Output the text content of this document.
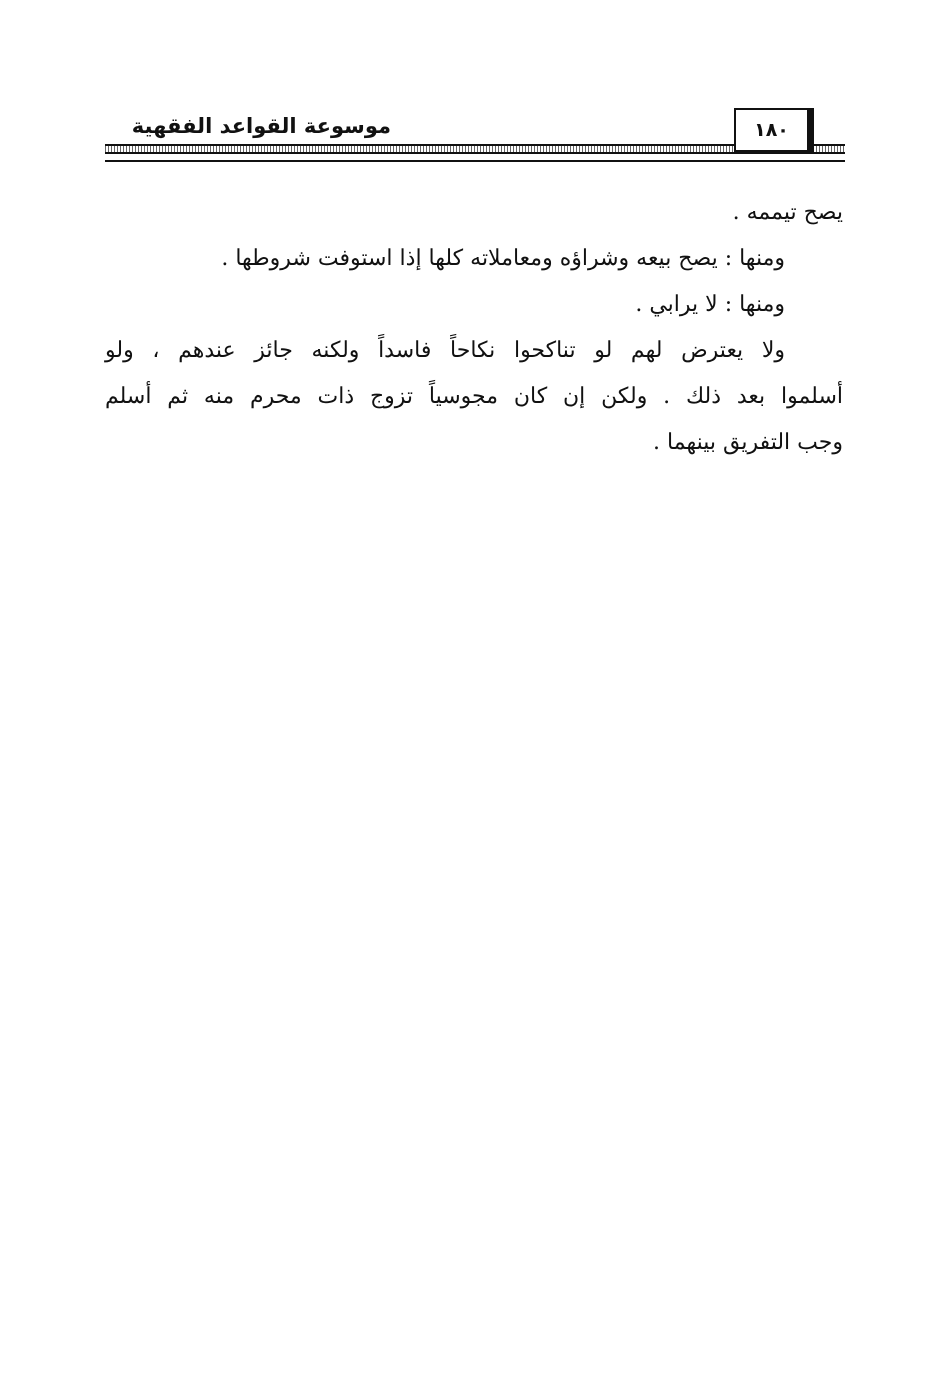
موسوعة القواعد الفقهية	١٨٠
يصح تيممه .
ومنها : يصح بيعه وشراؤه ومعاملاته كلها إذا استوفت شروطها .
ومنها : لا يرابي .
ولا يعترض لهم لو تناكحوا نكاحاً فاسداً ولكنه جائز عندهم ، ولو
أسلموا بعد ذلك . ولكن إن كان مجوسياً تزوج ذات محرم منه ثم أسلم
وجب التفريق بينهما .
